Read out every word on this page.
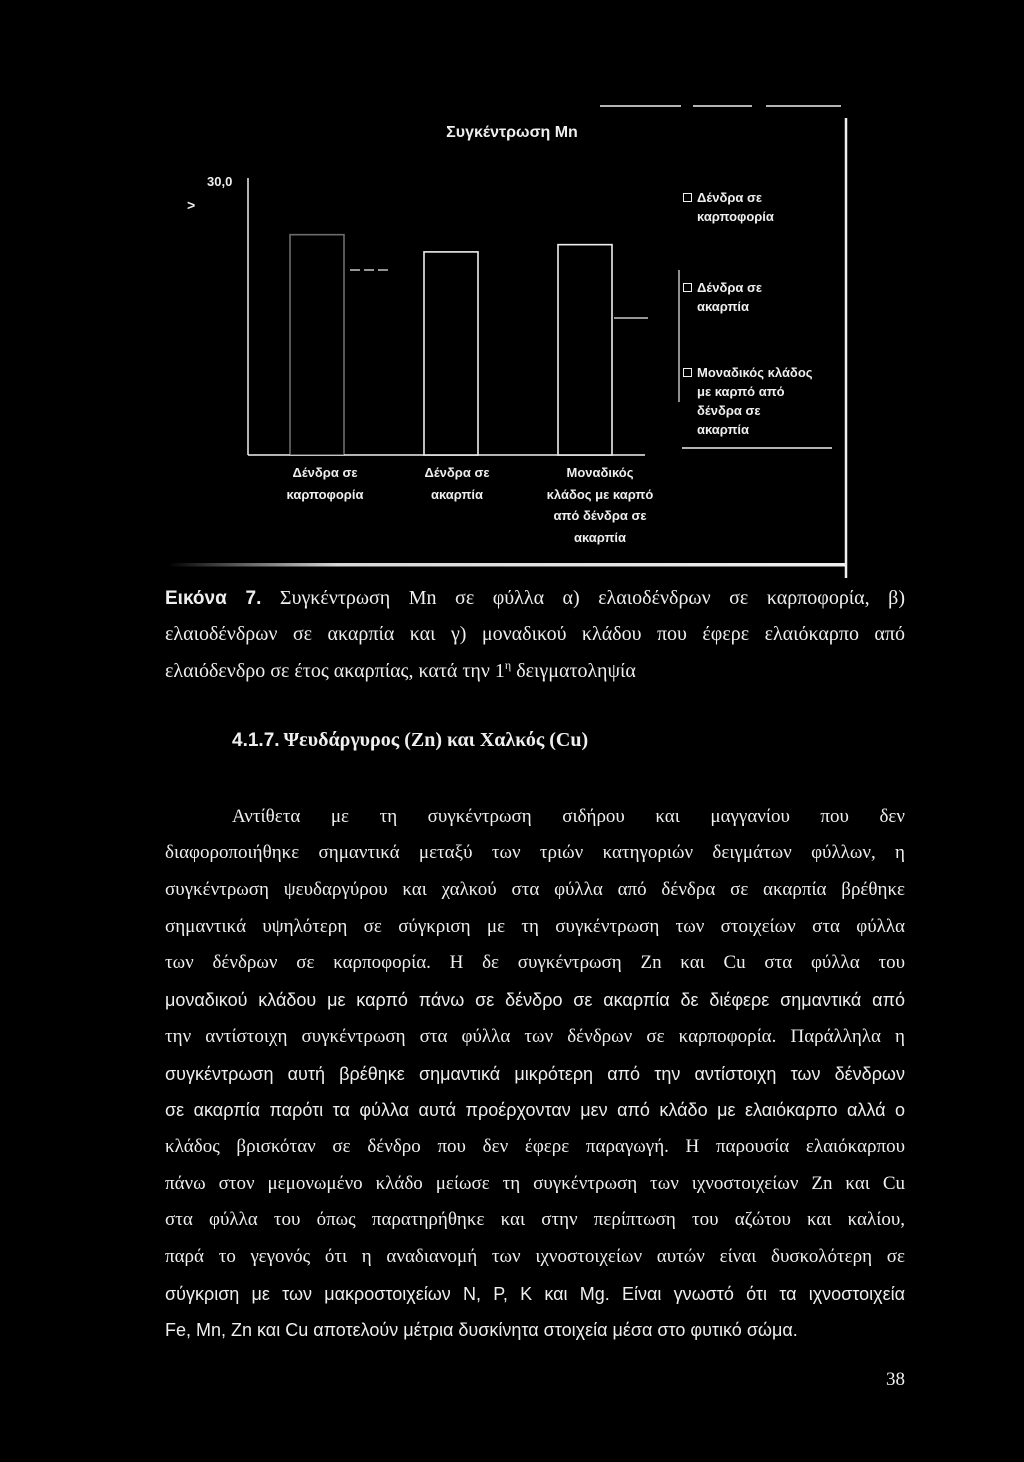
Συγκέντρωση Mn
30,0
>
Δένδρα σε
καρποφορία
Δένδρα σε
ακαρπία
Μοναδικός
κλάδος με καρπό
από δένδρα σε
ακαρπία
Δένδρα σε
καρποφορία
Δένδρα σε
ακαρπία
Μοναδικός κλάδος
με καρπό από
δένδρα σε
ακαρπία
Εικόνα 7. Συγκέντρωση Mn σε φύλλα α) ελαιοδένδρων σε καρποφορία, β)
ελαιοδένδρων σε ακαρπία και γ) μοναδικού κλάδου που έφερε ελαιόκαρπο από
ελαιόδενδρο σε έτος ακαρπίας, κατά την $1^\eta$ δειγματοληψία
4.1.7. Ψευδάργυρος (Zn) και Χαλκός (Cu)
Αντίθετα με τη συγκέντρωση σιδήρου και μαγγανίου που δεν
διαφοροποιήθηκε σημαντικά μεταξύ των τριών κατηγοριών δειγμάτων φύλλων, η
συγκέντρωση ψευδαργύρου και χαλκού στα φύλλα από δένδρα σε ακαρπία βρέθηκε
σημαντικά υψηλότερη σε σύγκριση με τη συγκέντρωση των στοιχείων στα φύλλα
των δένδρων σε καρποφορία. Η δε συγκέντρωση Zn και Cu στα φύλλα του
μοναδικού κλάδου με καρπό πάνω σε δένδρο σε ακαρπία δε διέφερε σημαντικά από
την αντίστοιχη συγκέντρωση στα φύλλα των δένδρων σε καρποφορία. Παράλληλα η
συγκέντρωση αυτή βρέθηκε σημαντικά μικρότερη από την αντίστοιχη των δένδρων
σε ακαρπία παρότι τα φύλλα αυτά προέρχονταν μεν από κλάδο με ελαιόκαρπο αλλά ο
κλάδος βρισκόταν σε δένδρο που δεν έφερε παραγωγή. Η παρουσία ελαιόκαρπου
πάνω στον μεμονωμένο κλάδο μείωσε τη συγκέντρωση των ιχνοστοιχείων Zn και Cu
στα φύλλα του όπως παρατηρήθηκε και στην περίπτωση του αζώτου και καλίου,
παρά το γεγονός ότι η αναδιανομή των ιχνοστοιχείων αυτών είναι δυσκολότερη σε
σύγκριση με των μακροστοιχείων N, P, K και Mg. Είναι γνωστό ότι τα ιχνοστοιχεία
Fe, Mn, Zn και Cu αποτελούν μέτρια δυσκίνητα στοιχεία μέσα στο φυτικό σώμα.
38
